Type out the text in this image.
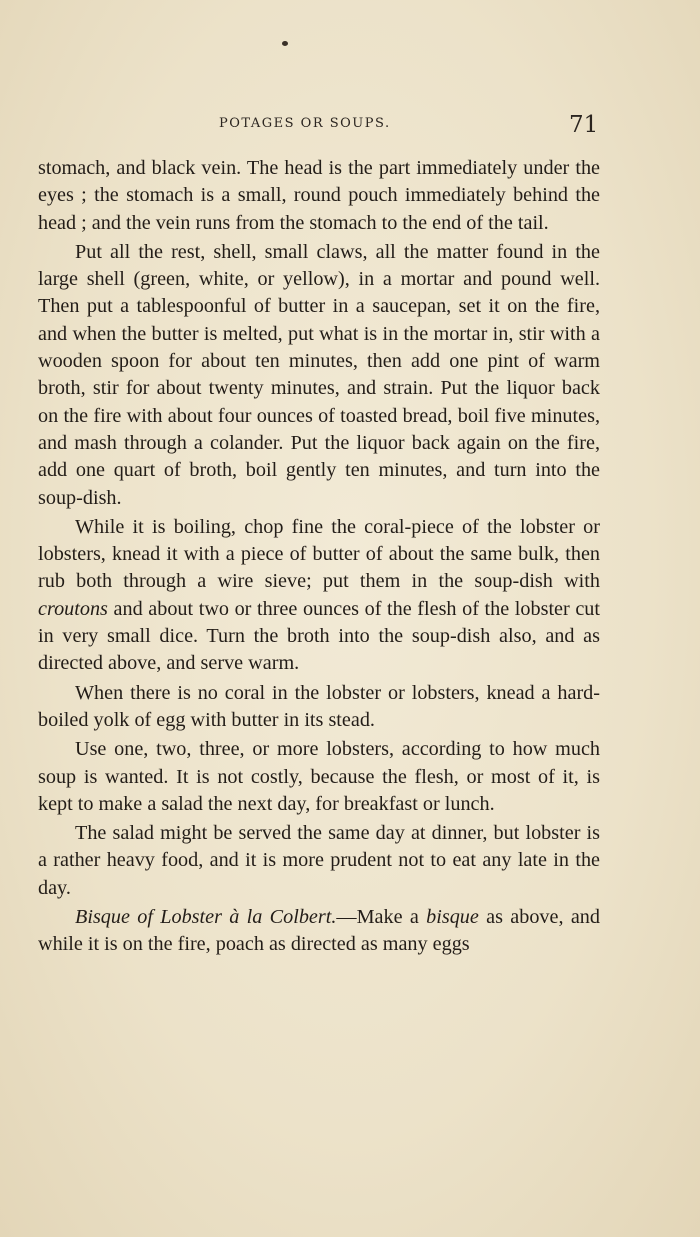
POTAGES OR SOUPS.	71

stomach, and black vein. The head is the part immediately under the eyes ; the stomach is a small, round pouch immediately behind the head ; and the vein runs from the stomach to the end of the tail.

Put all the rest, shell, small claws, all the matter found in the large shell (green, white, or yellow), in a mortar and pound well. Then put a tablespoonful of butter in a saucepan, set it on the fire, and when the butter is melted, put what is in the mortar in, stir with a wooden spoon for about ten minutes, then add one pint of warm broth, stir for about twenty minutes, and strain. Put the liquor back on the fire with about four ounces of toasted bread, boil five minutes, and mash through a colander. Put the liquor back again on the fire, add one quart of broth, boil gently ten minutes, and turn into the soup-dish.

While it is boiling, chop fine the coral-piece of the lobster or lobsters, knead it with a piece of butter of about the same bulk, then rub both through a wire sieve; put them in the soup-dish with croutons and about two or three ounces of the flesh of the lobster cut in very small dice. Turn the broth into the soup-dish also, and as directed above, and serve warm.

When there is no coral in the lobster or lobsters, knead a hard-boiled yolk of egg with butter in its stead.

Use one, two, three, or more lobsters, according to how much soup is wanted. It is not costly, because the flesh, or most of it, is kept to make a salad the next day, for breakfast or lunch.

The salad might be served the same day at dinner, but lobster is a rather heavy food, and it is more prudent not to eat any late in the day.

Bisque of Lobster à la Colbert.—Make a bisque as above, and while it is on the fire, poach as directed as many eggs
